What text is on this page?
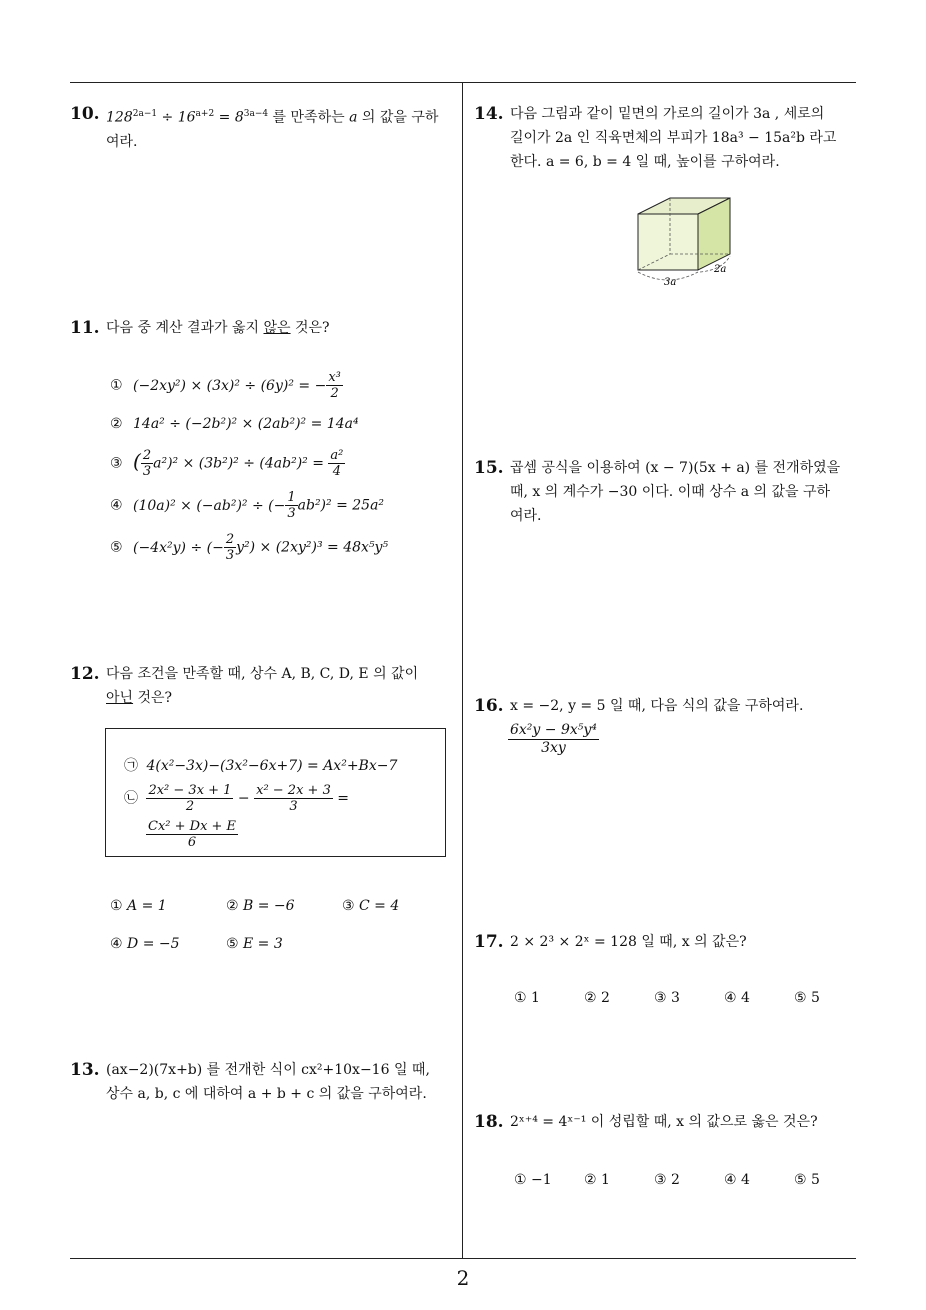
2
10. $128^{2a-1} \div 16^{a+2} = 8^{3a-4}$ 를 만족하는 a 의 값을 구하
여라.
11. 다음 중 계산 결과가 옳지 않은 것은?
① (−2xy²) × (3x)² ÷ (6y)² = − $\frac{\text{x³}}{2}$
② 14a² ÷ (−2b²)² × (2ab²)² = 14a⁴
③ ( $\frac{2}{3} a^2)^2 \times (3b^2)^2 \div (4ab^2)^2 = \frac{\text{a²}}{4}$
④ (10a)² × (−ab²)² ÷ (− $\frac{1}{3} ab^2)^2 = 25a^2$
⑤ (−4x²y) ÷ (− $\frac{2}{3} y^2) \times (2xy^2)^3 = 48x^5y^5$
12. 다음 조건을 만족할 때, 상수 A, B, C, D, E 의 값이
아닌 것은?
㉠ 4(x²−3x)−(3x²−6x+7) = Ax²+Bx−7
㉡ $\frac{\text{2x² − 3x + 1}}{2} - \frac{\text{x² − 2x + 3}}{3}$ =
$\frac{\text{Cx² + Dx + E}}{6}$
① A = 1	② B = −6	③ C = 4
④ D = −5	⑤ E = 3
13. (ax−2)(7x+b) 를 전개한 식이 cx²+10x−16 일 때,
상수 a, b, c 에 대하여 a + b + c 의 값을 구하여라.
14. 다음 그림과 같이 밑면의 가로의 길이가 3a , 세로의
길이가 2a 인 직육면체의 부피가 18a³ − 15a²b 라고
한다. a = 6, b = 4 일 때, 높이를 구하여라.
3a
2a
15. 곱셈 공식을 이용하여 (x − 7)(5x + a) 를 전개하였을
때, x 의 계수가 −30 이다. 이때 상수 a 의 값을 구하
여라.
16. x = −2, y = 5 일 때, 다음 식의 값을 구하여라.
$\frac{\text{6x²y − 9x⁵y⁴}}{3xy}$
17. 2 × 2³ × 2ˣ = 128 일 때, x 의 값은?
① 1	② 2	③ 3	④ 4	⑤ 5
18. 2ˣ⁺⁴ = 4ˣ⁻¹ 이 성립할 때, x 의 값으로 옳은 것은?
① −1 ② 1	③ 2	④ 4	⑤ 5
